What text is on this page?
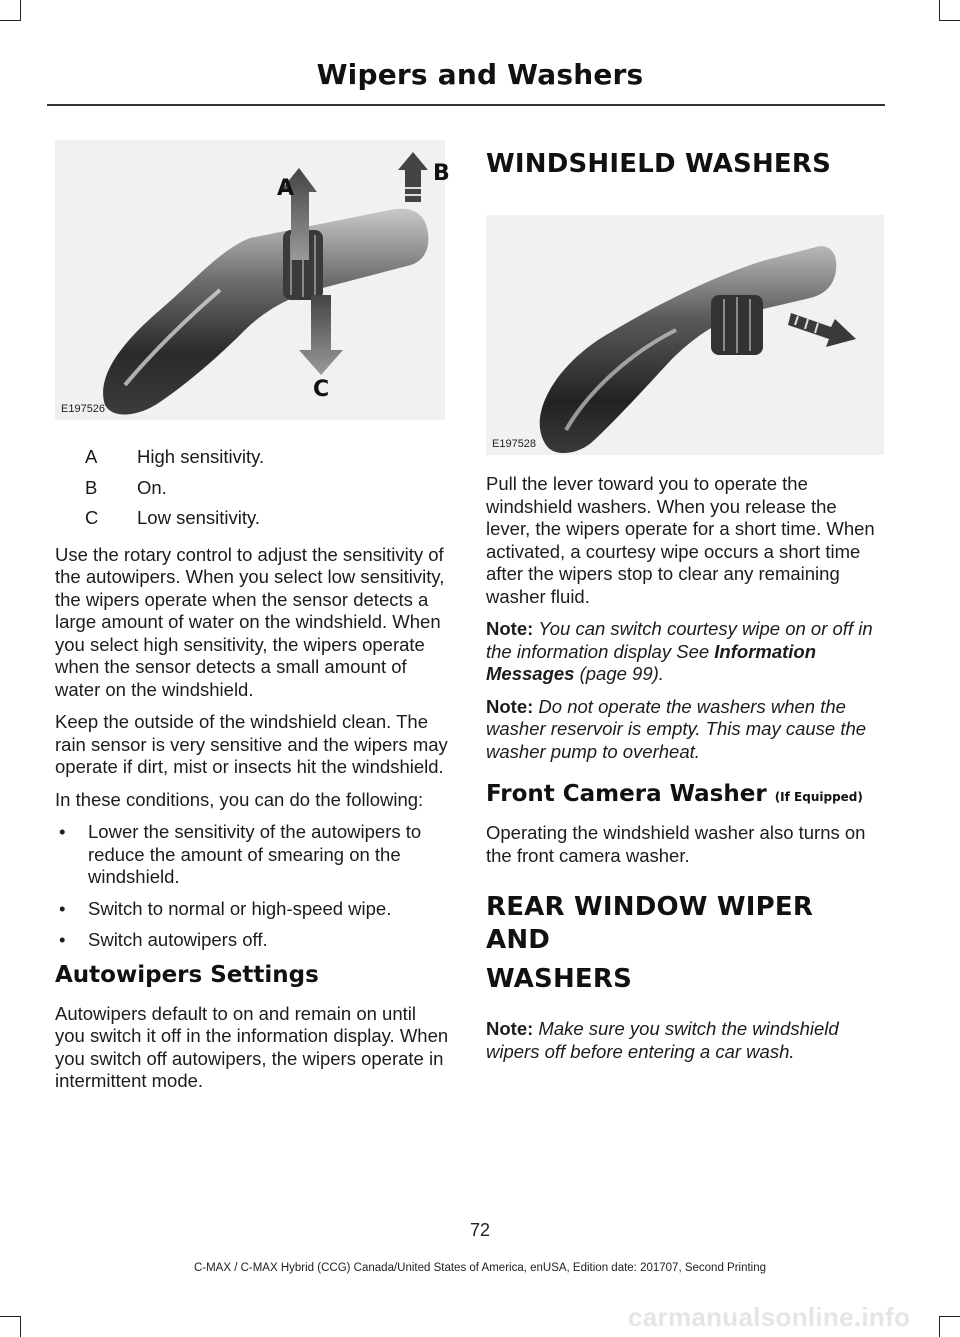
Wipers and Washers
A
B
C
E197526
A	High sensitivity.
B	On.
C	Low sensitivity.

Use the rotary control to adjust the sensitivity of the autowipers. When you select low sensitivity, the wipers operate when the sensor detects a large amount of water on the windshield. When you select high sensitivity, the wipers operate when the sensor detects a small amount of water on the windshield.

Keep the outside of the windshield clean. The rain sensor is very sensitive and the wipers may operate if dirt, mist or insects hit the windshield.

In these conditions, you can do the following:

• Lower the sensitivity of the autowipers to reduce the amount of smearing on the windshield.
• Switch to normal or high-speed wipe.
• Switch autowipers off.
Autowipers Settings

Autowipers default to on and remain on until you switch it off in the information display. When you switch off autowipers, the wipers operate in intermittent mode.

WINDSHIELD WASHERS
E197528

Pull the lever toward you to operate the windshield washers. When you release the lever, the wipers operate for a short time. When activated, a courtesy wipe occurs a short time after the wipers stop to clear any remaining washer fluid.

Note: You can switch courtesy wipe on or off in the information display See Information Messages (page 99).

Note: Do not operate the washers when the washer reservoir is empty. This may cause the washer pump to overheat.

Front Camera Washer (If Equipped)

Operating the windshield washer also turns on the front camera washer.

REAR WINDOW WIPER AND
WASHERS

Note: Make sure you switch the windshield wipers off before entering a car wash.

72
C-MAX / C-MAX Hybrid (CCG) Canada/United States of America, enUSA, Edition date: 201707, Second Printing
carmanualsonline.info
